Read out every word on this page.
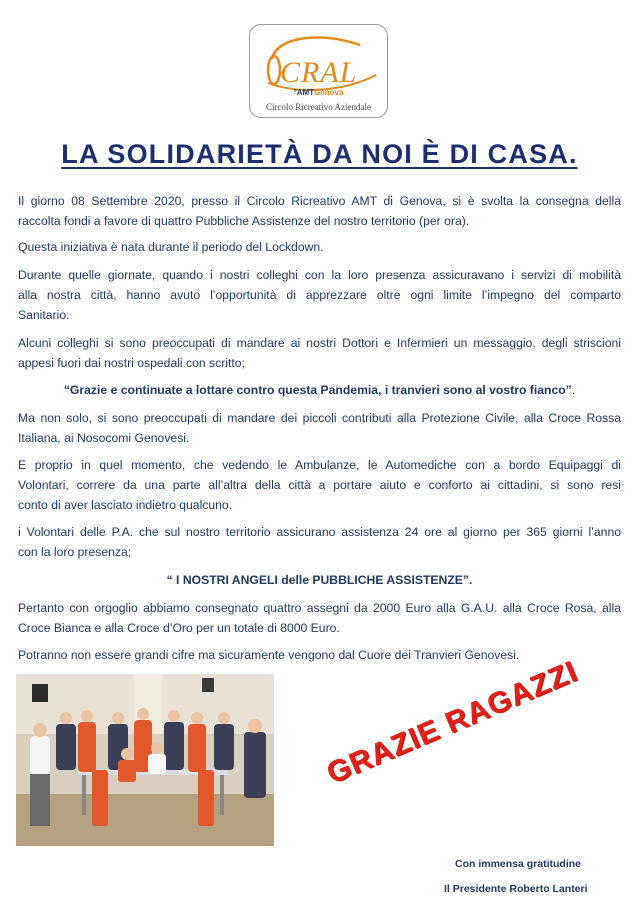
CRAL
°AMTGenova
Circolo Ricreativo Aziendale
LA SOLIDARIETÀ DA NOI È DI CASA.
Il giorno 08 Settembre 2020, presso il Circolo Ricreativo AMT di Genova, si è svolta la consegna della
raccolta fondi a favore di quattro Pubbliche Assistenze del nostro territorio (per ora).
Questa iniziativa è nata durante il periodo del Lockdown.
Durante quelle giornate, quando i nostri colleghi con la loro presenza assicuravano i servizi di mobilità
alla nostra città, hanno avuto l’opportunità di apprezzare oltre ogni limite l’impegno del comparto
Sanitario.
Alcuni colleghi si sono preoccupati di mandare ai nostri Dottori e Infermieri un messaggio, degli striscioni
appesi fuori dai nostri ospedali con scritto;
“Grazie e continuate a lottare contro questa Pandemia, i tranvieri sono al vostro fianco”.
Ma non solo, si sono preoccupati di mandare dei piccoli contributi alla Protezione Civile, alla Croce Rossa
Italiana, ai Nosocomi Genovesi.
E proprio in quel momento, che vedendo le Ambulanze, le Automediche con a bordo Equipaggi di
Volontari, correre da una parte all’altra della città a portare aiuto e conforto ai cittadini, si sono resi
conto di aver lasciato indietro qualcuno.
i Volontari delle P.A. che sul nostro territorio assicurano assistenza 24 ore al giorno per 365 giorni l’anno
con la loro presenza;
“ I NOSTRI ANGELI delle PUBBLICHE ASSISTENZE”.
Pertanto con orgoglio abbiamo consegnato quattro assegni da 2000 Euro alla G.A.U. alla Croce Rosa, alla
Croce Bianca e alla Croce d’Oro per un totale di 8000 Euro.
Potranno non essere grandi cifre ma sicuramente vengono dal Cuore dei Tranvieri Genovesi.
GRAZIE RAGAZZI
Con immensa gratitudine
Il Presidente Roberto Lanteri
